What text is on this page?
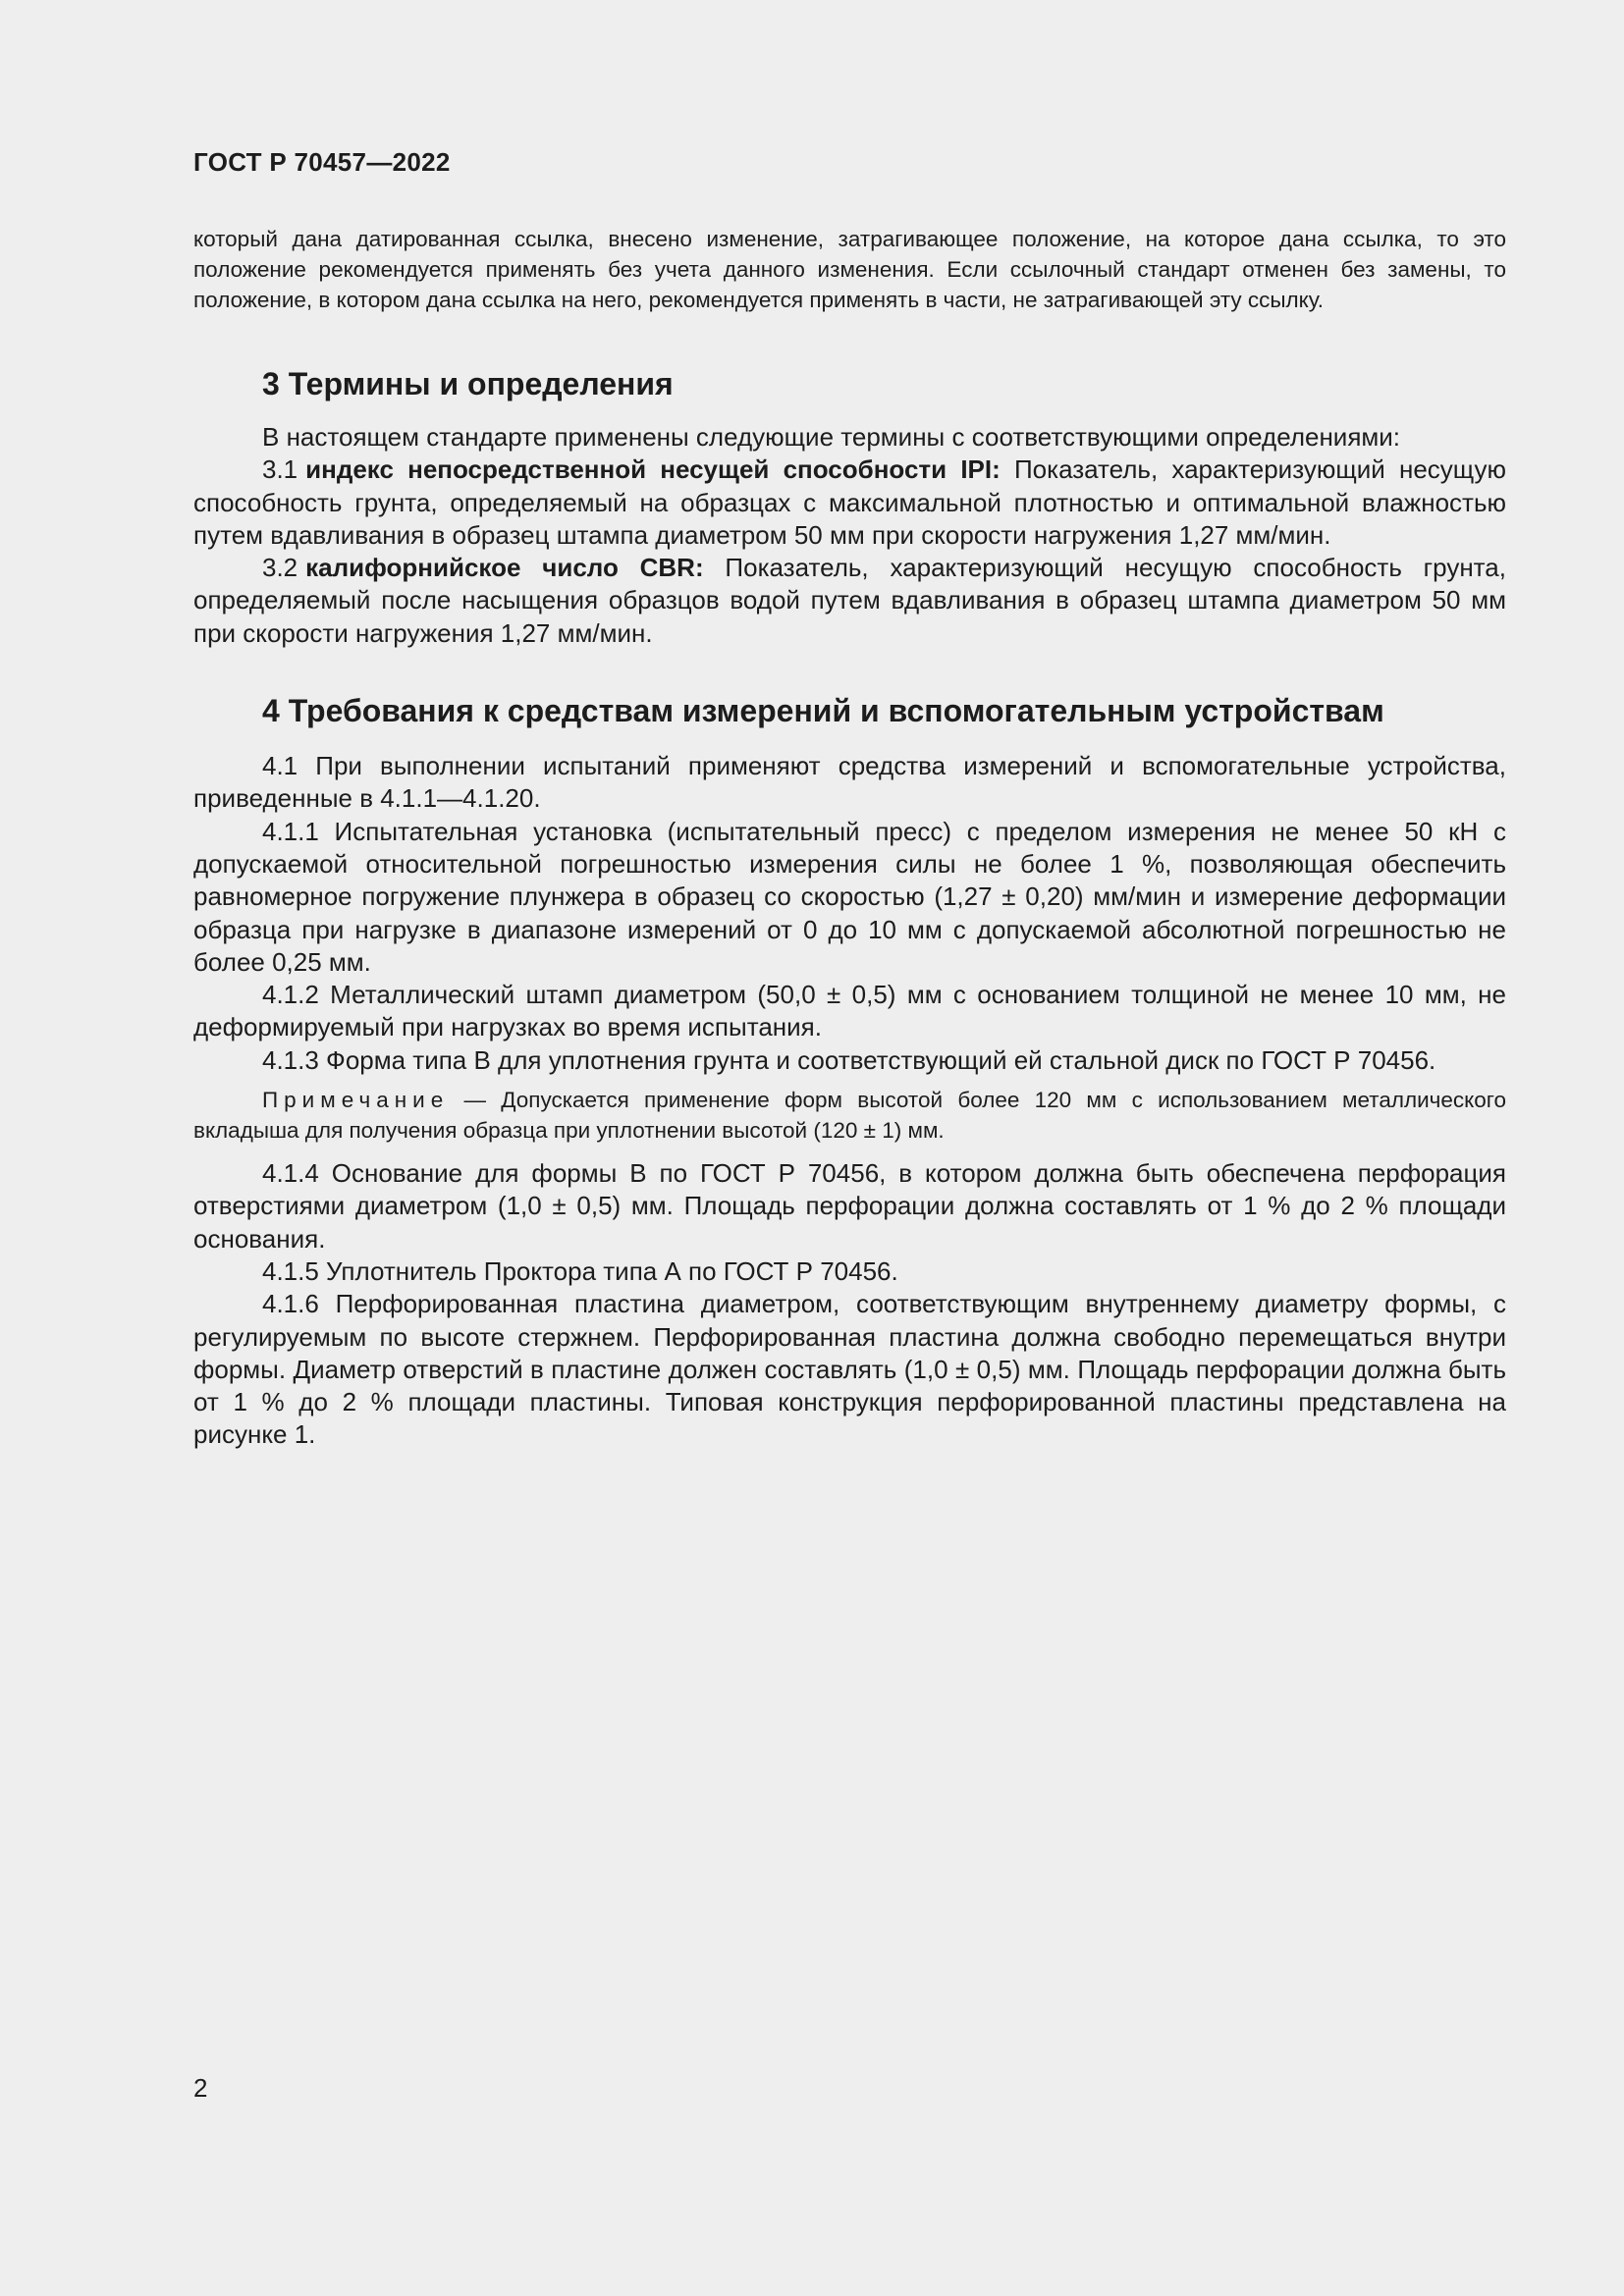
ГОСТ Р 70457—2022

который дана датированная ссылка, внесено изменение, затрагивающее положение, на которое дана ссылка, то это положение рекомендуется применять без учета данного изменения. Если ссылочный стандарт отменен без замены, то положение, в котором дана ссылка на него, рекомендуется применять в части, не затрагивающей эту ссылку.

3 Термины и определения

В настоящем стандарте применены следующие термины с соответствующими определениями:

3.1 индекс непосредственной несущей способности IPI: Показатель, характеризующий несущую способность грунта, определяемый на образцах с максимальной плотностью и оптимальной влажностью путем вдавливания в образец штампа диаметром 50 мм при скорости нагружения 1,27 мм/мин.

3.2 калифорнийское число CBR: Показатель, характеризующий несущую способность грунта, определяемый после насыщения образцов водой путем вдавливания в образец штампа диаметром 50 мм при скорости нагружения 1,27 мм/мин.

4 Требования к средствам измерений и вспомогательным устройствам

4.1 При выполнении испытаний применяют средства измерений и вспомогательные устройства, приведенные в 4.1.1—4.1.20.

4.1.1 Испытательная установка (испытательный пресс) с пределом измерения не менее 50 кН с допускаемой относительной погрешностью измерения силы не более 1 %, позволяющая обеспечить равномерное погружение плунжера в образец со скоростью (1,27 ± 0,20) мм/мин и измерение деформации образца при нагрузке в диапазоне измерений от 0 до 10 мм с допускаемой абсолютной погрешностью не более 0,25 мм.

4.1.2 Металлический штамп диаметром (50,0 ± 0,5) мм с основанием толщиной не менее 10 мм, не деформируемый при нагрузках во время испытания.

4.1.3 Форма типа В для уплотнения грунта и соответствующий ей стальной диск по ГОСТ Р 70456.

Примечание — Допускается применение форм высотой более 120 мм с использованием металлического вкладыша для получения образца при уплотнении высотой (120 ± 1) мм.

4.1.4 Основание для формы В по ГОСТ Р 70456, в котором должна быть обеспечена перфорация отверстиями диаметром (1,0 ± 0,5) мм. Площадь перфорации должна составлять от 1 % до 2 % площади основания.

4.1.5 Уплотнитель Проктора типа А по ГОСТ Р 70456.

4.1.6 Перфорированная пластина диаметром, соответствующим внутреннему диаметру формы, с регулируемым по высоте стержнем. Перфорированная пластина должна свободно перемещаться внутри формы. Диаметр отверстий в пластине должен составлять (1,0 ± 0,5) мм. Площадь перфорации должна быть от 1 % до 2 % площади пластины. Типовая конструкция перфорированной пластины представлена на рисунке 1.

2
